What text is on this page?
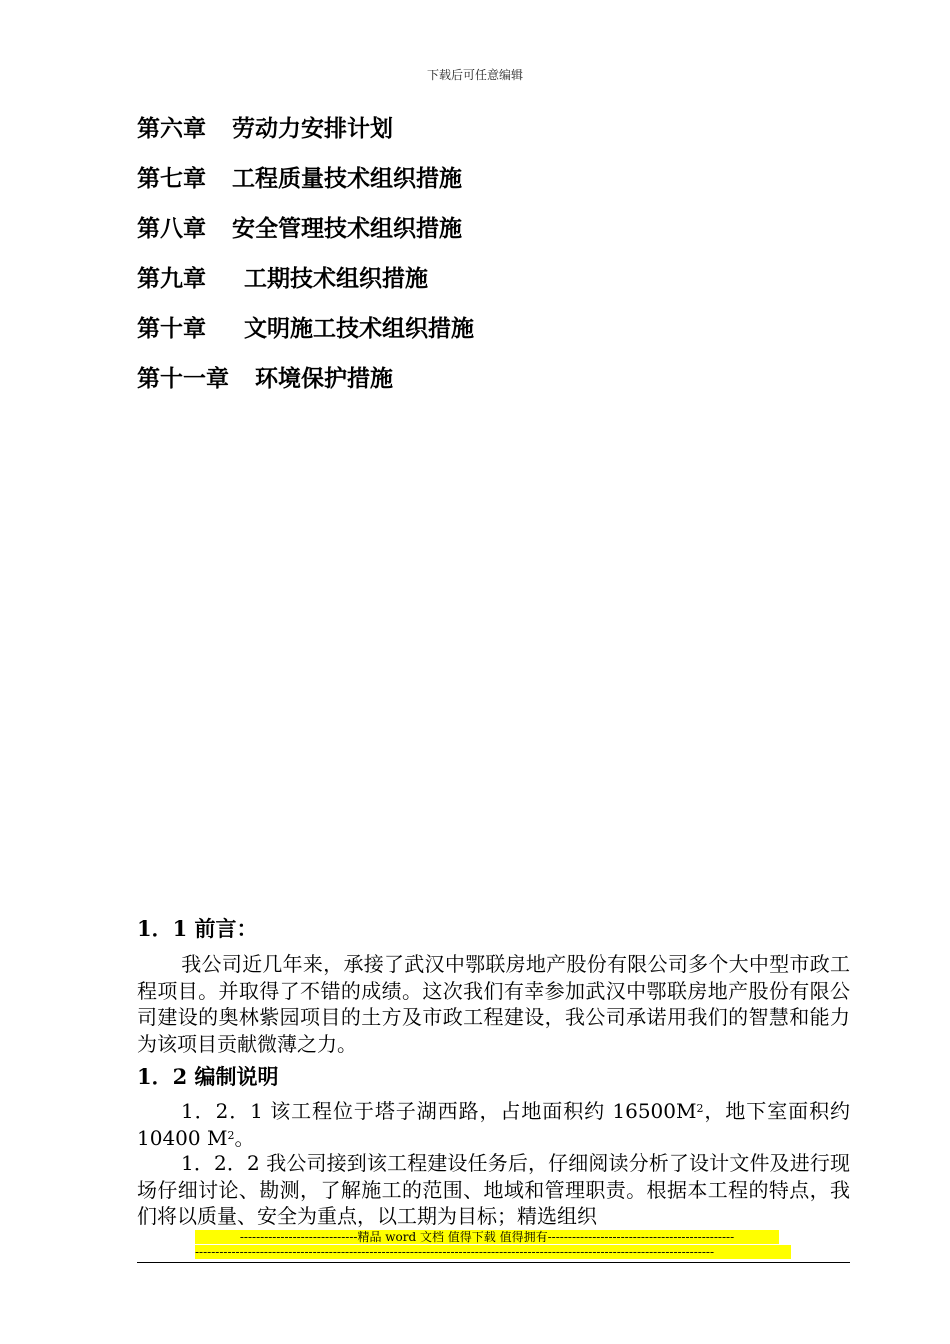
下载后可任意编辑
第六章 劳动力安排计划
第七章 工程质量技术组织措施
第八章 安全管理技术组织措施
第九章 工期技术组织措施
第十章 文明施工技术组织措施
第十一章 环境保护措施
1．1 前言：
我公司近几年来，承接了武汉中鄂联房地产股份有限公司多个大中型市政工程项目。并取得了不错的成绩。这次我们有幸参加武汉中鄂联房地产股份有限公司建设的奥林紫园项目的土方及市政工程建设，我公司承诺用我们的智慧和能力为该项目贡献微薄之力。
1．2 编制说明
1．2．1 该工程位于塔子湖西路，占地面积约 $16500M^2$，地下室面积约 10400 $M^2$。
1．2．2 我公司接到该工程建设任务后，仔细阅读分析了设计文件及进行现场仔细讨论、勘测，了解施工的范围、地域和管理职责。根据本工程的特点，我们将以质量、安全为重点，以工期为目标；精选组织
-----------------------------精品 word 文档 值得下载 值得拥有----------------------------------------------
--------------------------------------------------------------------------------------------------------------------------------
